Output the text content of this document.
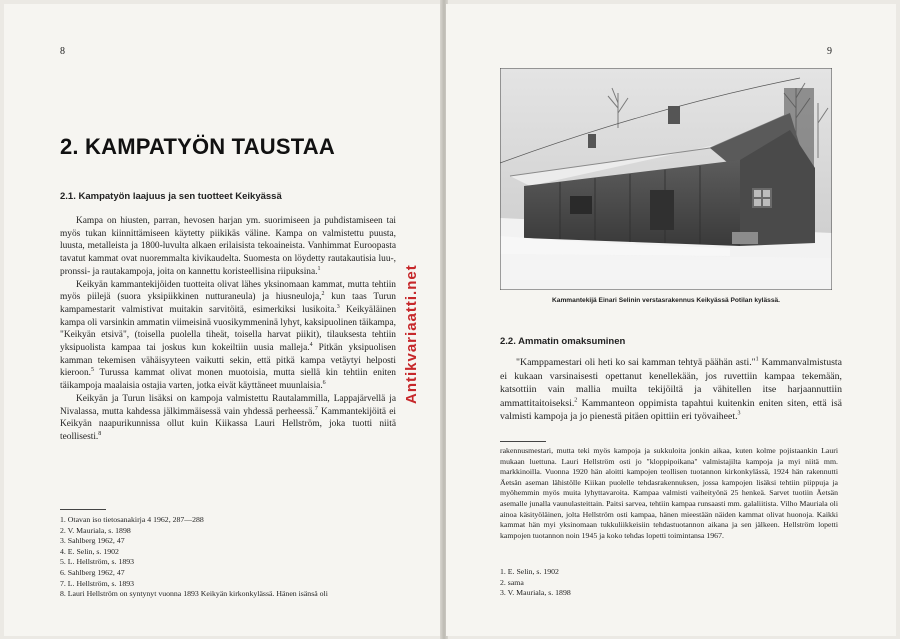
8
2. KAMPATYÖN TAUSTAA
2.1. Kampatyön laajuus ja sen tuotteet Keikyässä

Kampa on hiusten, parran, hevosen harjan ym. suorimiseen ja puhdistamiseen tai myös tukan kiinnittämiseen käytetty piikikäs väline. Kampa on valmistettu puusta, luusta, metalleista ja 1800-luvulta alkaen erilaisista tekoaineista. Vanhimmat Euroopasta tavatut kammat ovat nuoremmalta kivikaudelta. Suomesta on löydetty rautakautisia luu-, pronssi- ja rautakampoja, joita on kannettu koristeellisina riipuksina.$^1$

Keikyän kammantekijöiden tuotteita olivat lähes yksinomaan kammat, mutta tehtiin myös piilejä (suora yksipiikkinen nutturaneula) ja hiusneuloja,$^2$ kun taas Turun kampamestarit valmistivat muitakin sarvitöitä, esimerkiksi lusikoita.$^3$ Keikyäläinen kampa oli varsinkin ammatin viimeisinä vuosikymmeninä lyhyt, kaksipuolinen täikampa, "Keikyän etsivä", (toisella puolella tiheät, toisella harvat piikit), tilauksesta tehtiin yksipuolista kampaa tai joskus kun kokeiltiin uusia malleja.$^4$ Pitkän yksipuolisen kamman tekemisen vähäisyyteen vaikutti sekin, että pitkä kampa vetäytyi helposti kieroon.$^5$ Turussa kammat olivat monen muotoisia, mutta siellä kin tehtiin eniten täikampoja maalaisia ostajia varten, jotka eivät käyttäneet muunlaisia.$^6$

Keikyän ja Turun lisäksi on kampoja valmistettu Rautalammilla, Lappajärvellä ja Nivalassa, mutta kahdessa jälkimmäisessä vain yhdessä perheessä.$^7$ Kammantekijöitä ei Keikyän naapurikunnissa ollut kuin Kiikassa Lauri Hellström, joka tuotti niitä teollisesti.$^8$

1. Otavan iso tietosanakirja 4 1962, 287—288
2. V. Mauriala, s. 1898
3. Sahlberg 1962, 47
4. E. Selin, s. 1902
5. L. Hellström, s. 1893
6. Sahlberg 1962, 47
7. L. Hellström, s. 1893
8. Lauri Hellström on syntynyt vuonna 1893 Keikyän kirkonkylässä. Hänen isänsä oli
9
Kammantekijä Einari Selinin verstasrakennus Keikyässä Potilan kylässä.
2.2. Ammatin omaksuminen

"Kamppamestari oli heti ko sai kamman tehtyä päähän asti."$^1$ Kammanvalmistusta ei kukaan varsinaisesti opettanut kenellekään, jos ruvettiin kampaa tekemään, katsottiin vain mallia muilta tekijöiltä ja vähitellen itse harjaannuttiin ammattitaitoiseksi.$^2$ Kammanteon oppimista tapahtui kuitenkin eniten siten, että isä valmisti kampoja ja jo pienestä pitäen opittiin eri työvaiheet.$^3$

rakennusmestari, mutta teki myös kampoja ja sukkuloita jonkin aikaa, kuten kolme pojistaankin Lauri mukaan luettuna. Lauri Hellström osti jo "kloppipoikana" valmistajilta kampoja ja myi niitä mm. markkinoilla. Vuonna 1920 hän aloitti kampojen teollisen tuotannon kirkonkylässä, 1924 hän rakennutti Äetsän aseman lähistölle Kiikan puolelle tehdasrakennuksen, jossa kampojen lisäksi tehtiin piippuja ja myöhemmin myös muita lyhyttavaroita. Kampaa valmisti vaiheityönä 25 henkeä. Sarvet tuotiin Äetsän asemalle junalla vaunulasteittain. Paitsi sarvea, tehtiin kampaa runsaasti mm. galaliitista. Vilho Mauriala oli ainoa käsityöläinen, jolta Hellström osti kampaa, hänen mieestään näiden kammat olivat huonoja. Kaikki kammat hän myi yksinomaan tukkuliikkeisiin tehdastuotannon aikana ja sen jälkeen. Hellström lopetti kampojen tuotannon noin 1945 ja koko tehdas lopetti toimintansa 1967.

1. E. Selin, s. 1902
2. sama
3. V. Mauriala, s. 1898
Antikvariaatti.net
